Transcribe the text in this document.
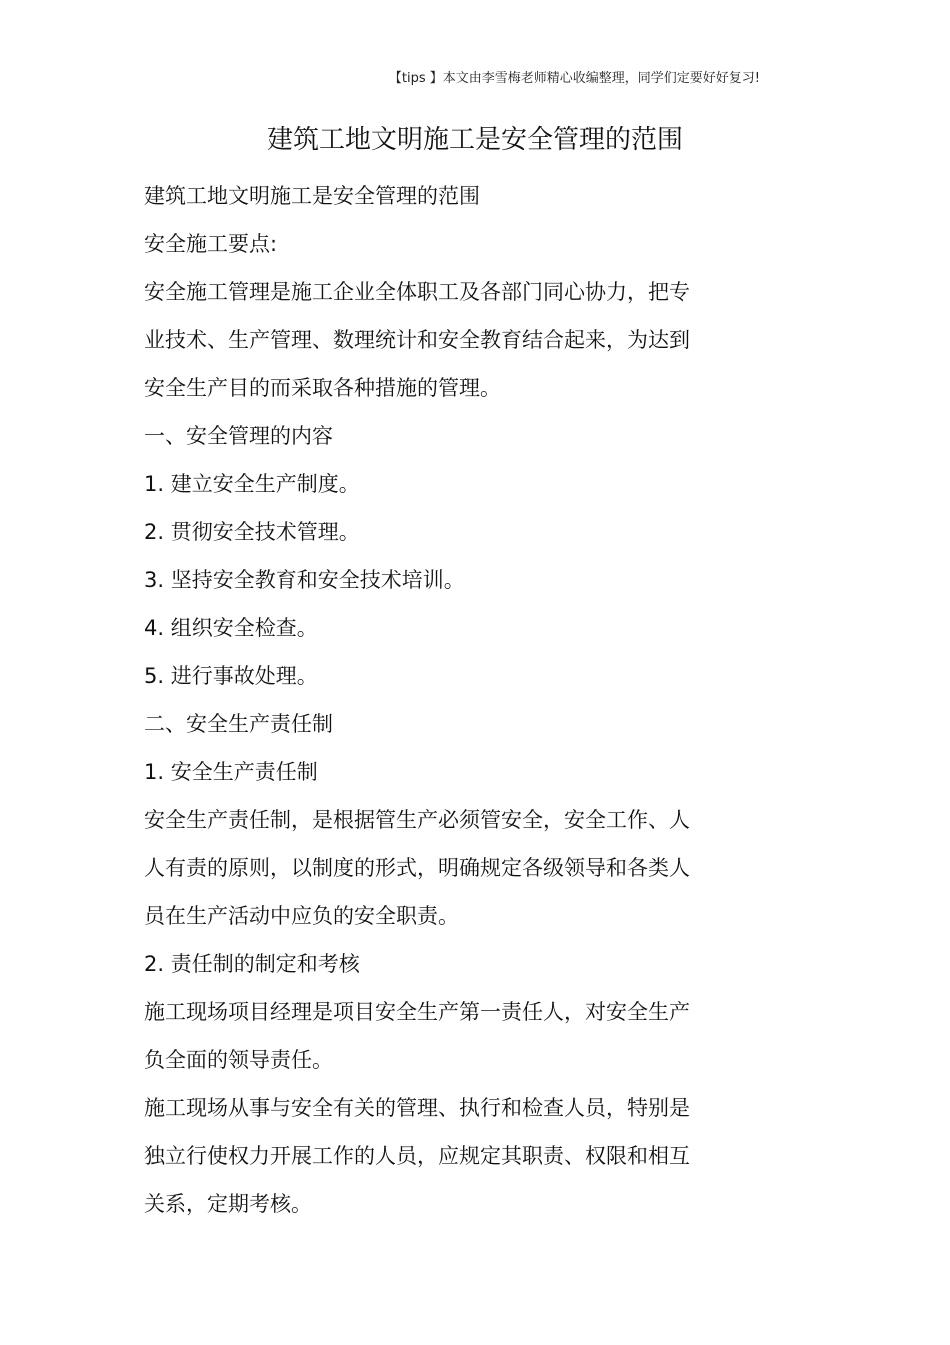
【tips 】本文由李雪梅老师精心收编整理，同学们定要好好复习!
建筑工地文明施工是安全管理的范围
建筑工地文明施工是安全管理的范围
安全施工要点:
安全施工管理是施工企业全体职工及各部门同心协力，把专
业技术、生产管理、数理统计和安全教育结合起来，为达到
安全生产目的而采取各种措施的管理。
一、安全管理的内容
1. 建立安全生产制度。
2. 贯彻安全技术管理。
3. 坚持安全教育和安全技术培训。
4. 组织安全检查。
5. 进行事故处理。
二、安全生产责任制
1. 安全生产责任制
安全生产责任制，是根据管生产必须管安全，安全工作、人
人有责的原则，以制度的形式，明确规定各级领导和各类人
员在生产活动中应负的安全职责。
2. 责任制的制定和考核
施工现场项目经理是项目安全生产第一责任人，对安全生产
负全面的领导责任。
施工现场从事与安全有关的管理、执行和检查人员，特别是
独立行使权力开展工作的人员，应规定其职责、权限和相互
关系，定期考核。
